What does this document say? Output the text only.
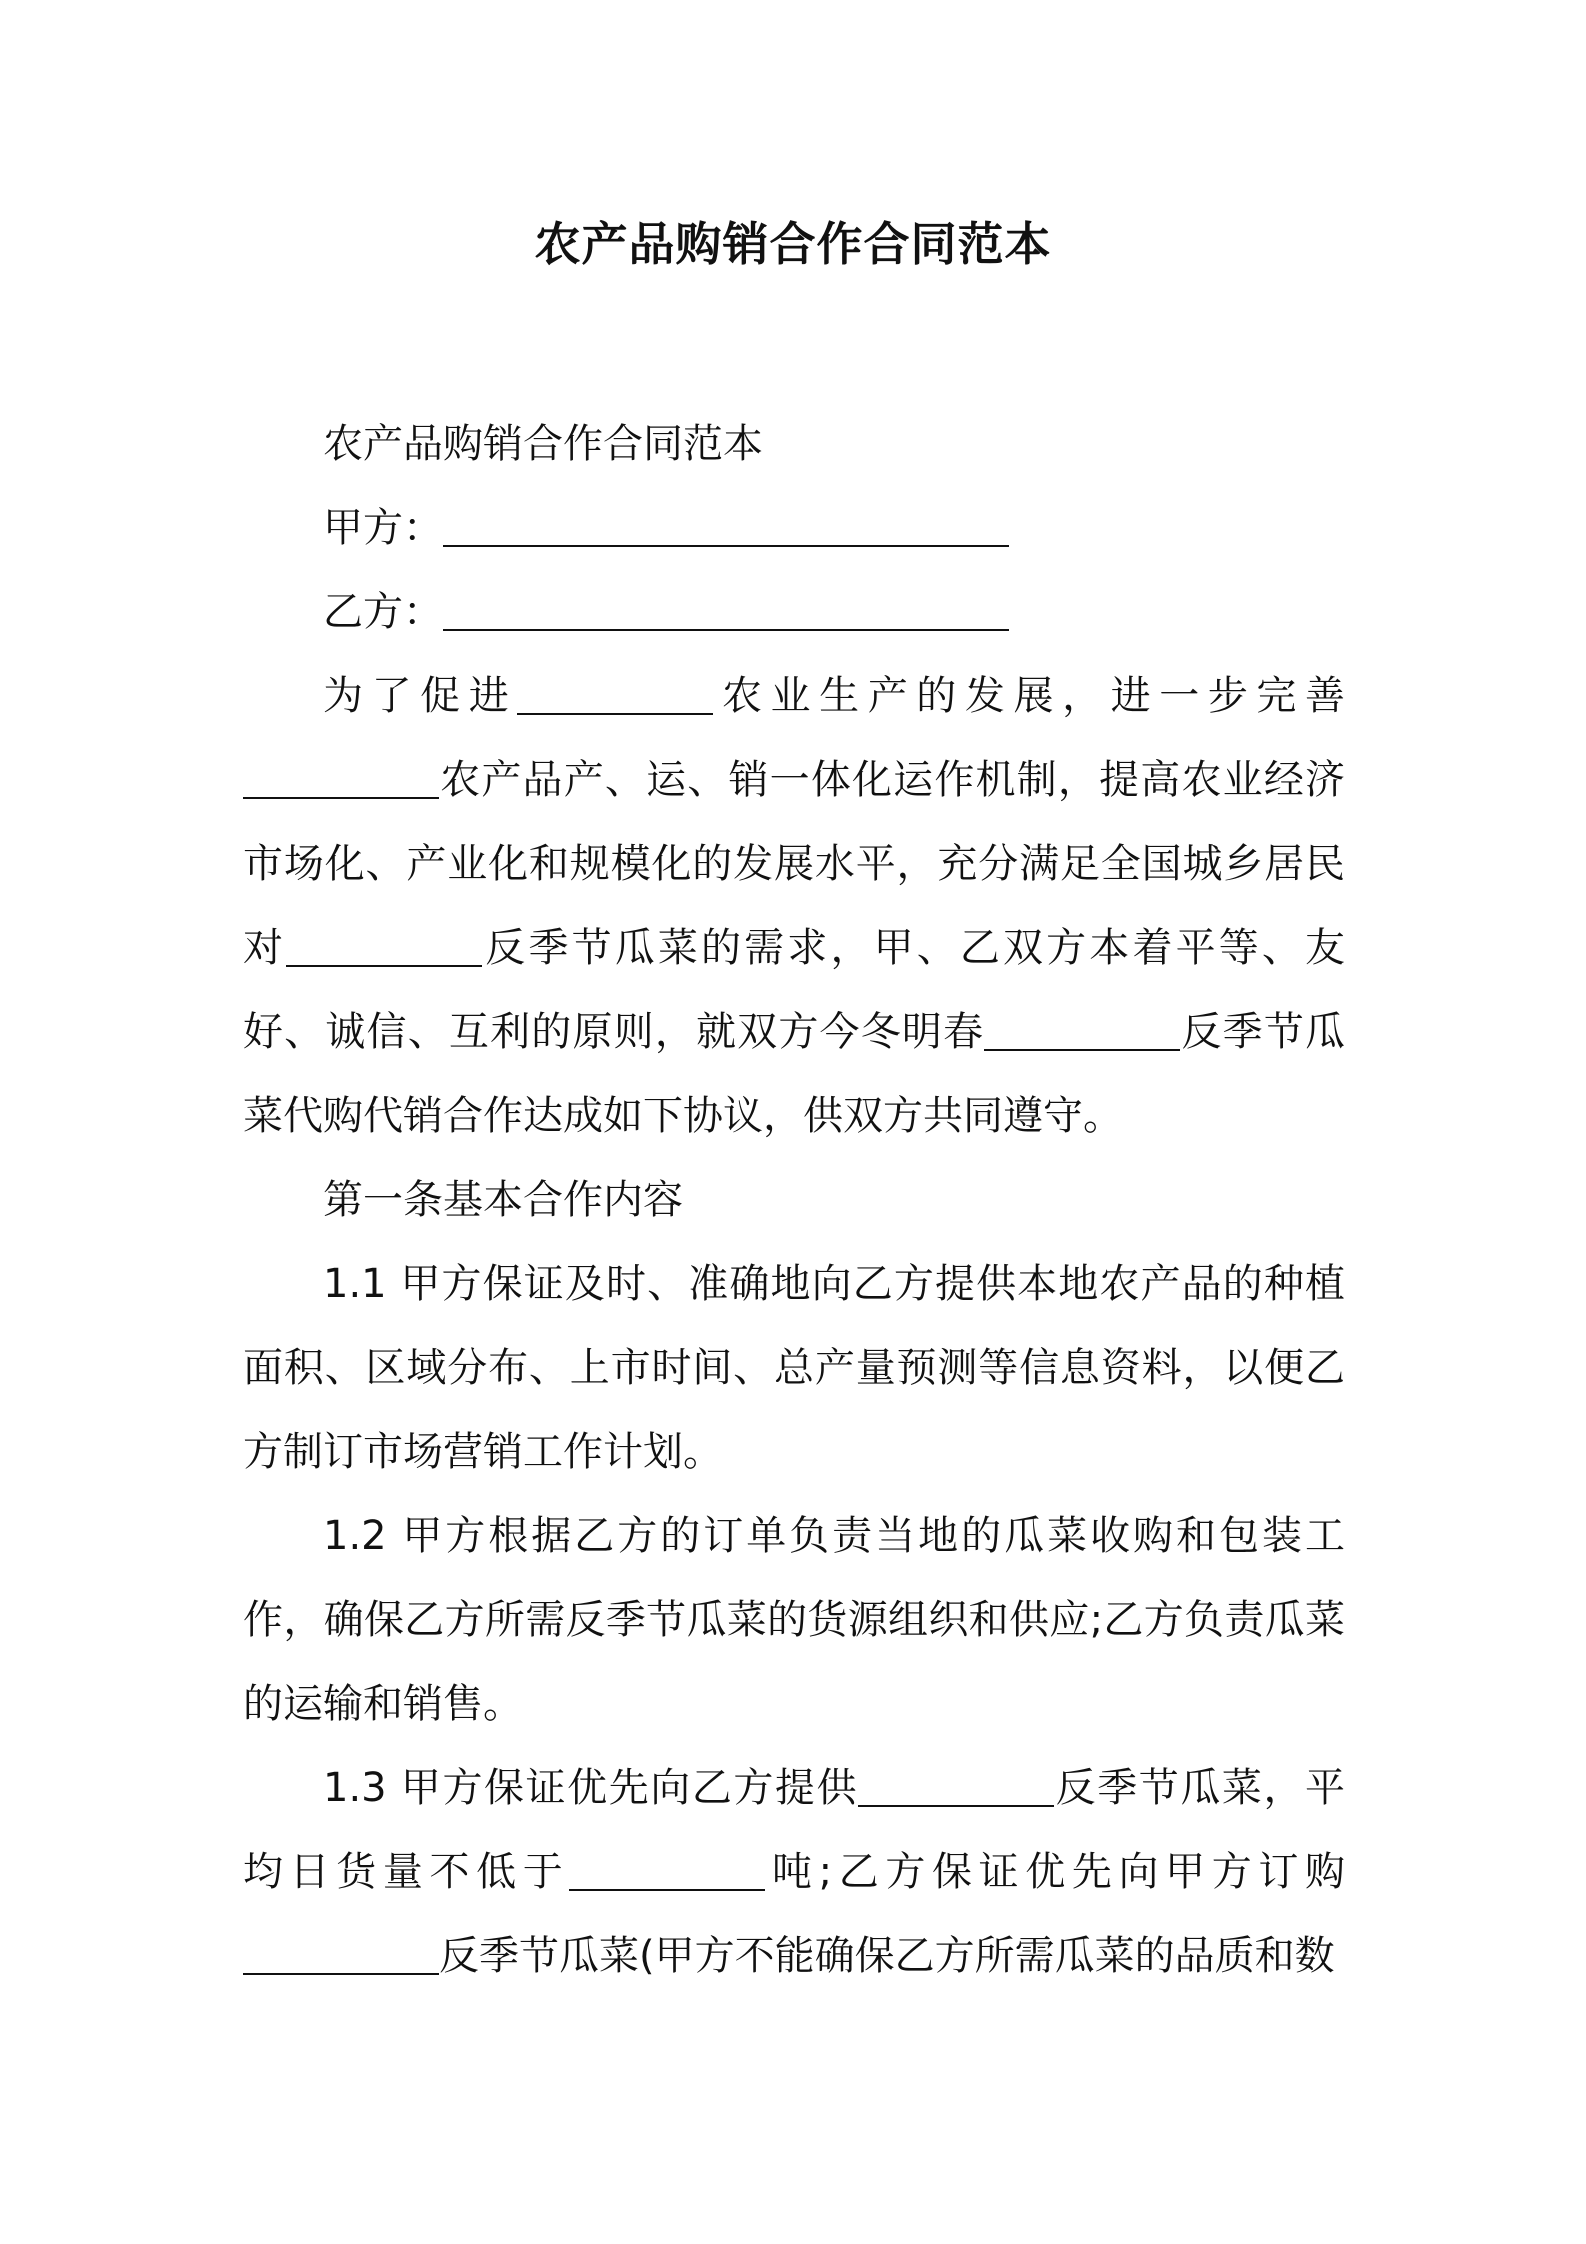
农产品购销合作合同范本

农产品购销合作合同范本

甲方：

乙方：

为了促进	农业生产的发展，进一步完善农产品产、运、销一体化运作机制，提高农业经济市场化、产业化和规模化的发展水平，充分满足全国城乡居民对	反季节瓜菜的需求，甲、乙双方本着平等、友好、诚信、互利的原则，就双方今冬明春	反季节瓜菜代购代销合作达成如下协议，供双方共同遵守。

第一条基本合作内容

1.1 甲方保证及时、准确地向乙方提供本地农产品的种植面积、区域分布、上市时间、总产量预测等信息资料，以便乙方制订市场营销工作计划。

1.2 甲方根据乙方的订单负责当地的瓜菜收购和包装工作，确保乙方所需反季节瓜菜的货源组织和供应;乙方负责瓜菜的运输和销售。

1.3 甲方保证优先向乙方提供	反季节瓜菜，平均日货量不低于	吨;乙方保证优先向甲方订购反季节瓜菜(甲方不能确保乙方所需瓜菜的品质和数
